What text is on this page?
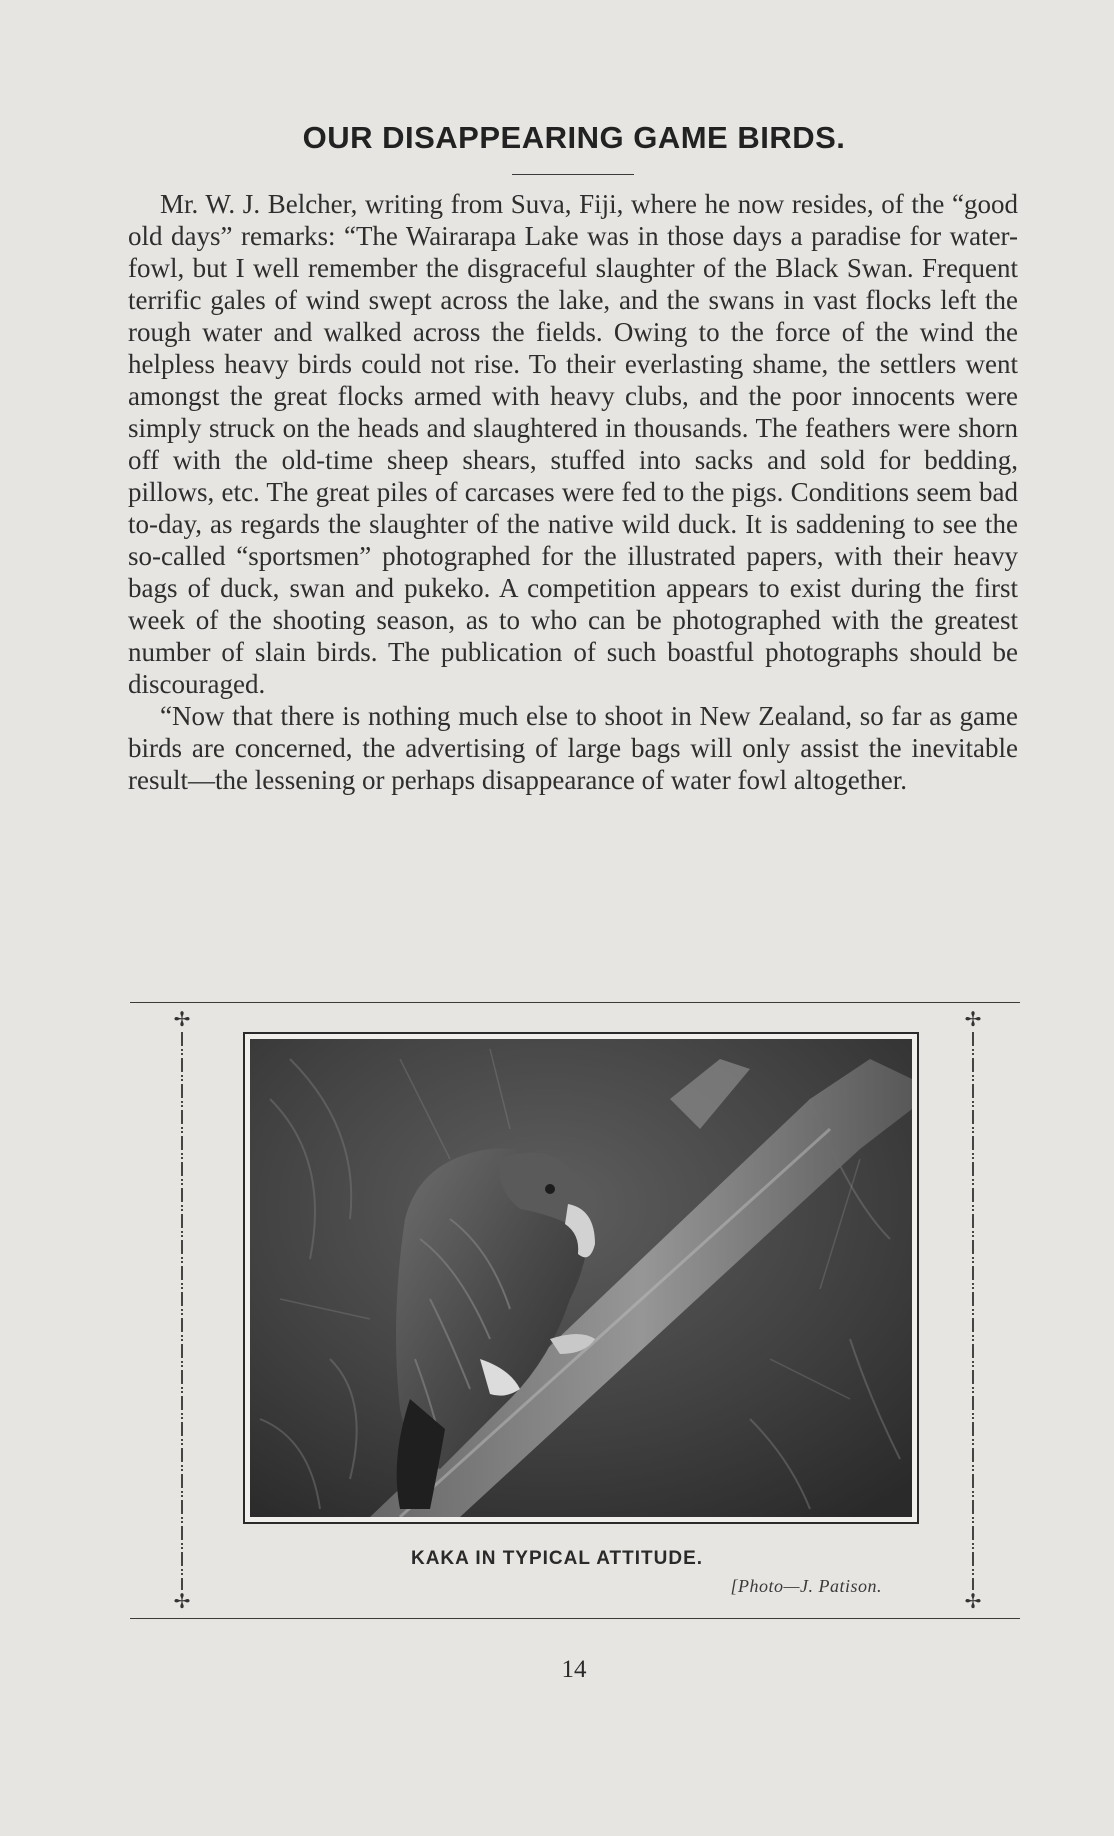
OUR DISAPPEARING GAME BIRDS.

Mr. W. J. Belcher, writing from Suva, Fiji, where he now resides, of the “good old days” remarks: “The Wairarapa Lake was in those days a paradise for water-fowl, but I well remember the disgraceful slaughter of the Black Swan. Frequent terrific gales of wind swept across the lake, and the swans in vast flocks left the rough water and walked across the fields. Owing to the force of the wind the helpless heavy birds could not rise. To their everlasting shame, the settlers went amongst the great flocks armed with heavy clubs, and the poor innocents were simply struck on the heads and slaughtered in thousands. The feathers were shorn off with the old-time sheep shears, stuffed into sacks and sold for bedding, pillows, etc. The great piles of carcases were fed to the pigs. Conditions seem bad to-day, as regards the slaughter of the native wild duck. It is saddening to see the so-called “sportsmen” photographed for the illustrated papers, with their heavy bags of duck, swan and pukeko. A competition appears to exist during the first week of the shooting season, as to who can be photographed with the greatest number of slain birds. The publication of such boastful photographs should be discouraged.

“Now that there is nothing much else to shoot in New Zealand, so far as game birds are concerned, the advertising of large bags will only assist the inevitable result—the lessening or perhaps disappearance of water fowl altogether.

✢
✢
✢
✢
KAKA IN TYPICAL ATTITUDE.
[Photo—J. Patison.
14
